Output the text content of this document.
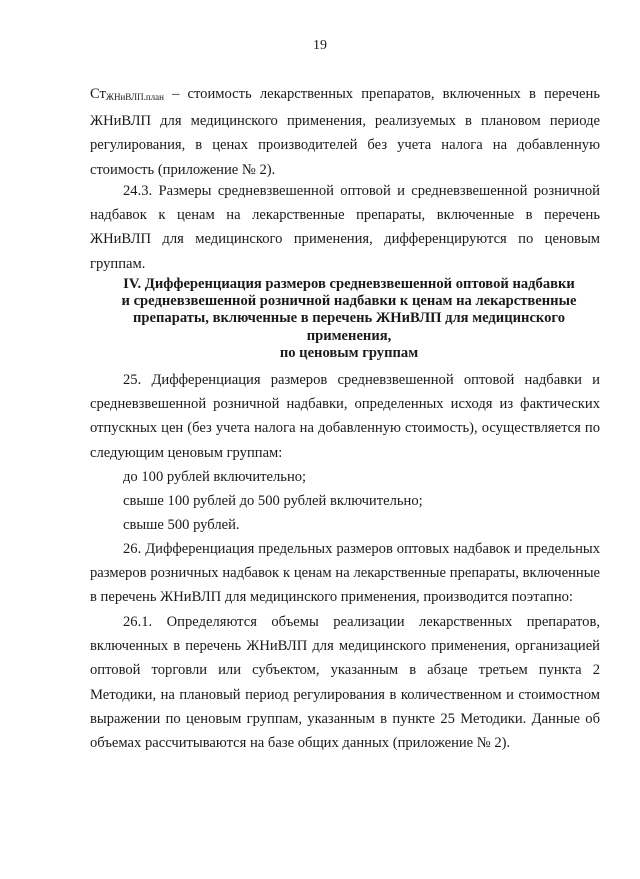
19

$Ст_{ЖНиВЛП.план}$ – стоимость лекарственных препаратов, включенных в перечень ЖНиВЛП для медицинского применения, реализуемых в плановом периоде регулирования, в ценах производителей без учета налога на добавленную стоимость (приложение № 2).

24.3. Размеры средневзвешенной оптовой и средневзвешенной розничной надбавок к ценам на лекарственные препараты, включенные в перечень ЖНиВЛП для медицинского применения, дифференцируются по ценовым группам.

IV. Дифференциация размеров средневзвешенной оптовой надбавки

и средневзвешенной розничной надбавки к ценам на лекарственные

препараты, включенные в перечень ЖНиВЛП для медицинского применения,

по ценовым группам

25. Дифференциация размеров средневзвешенной оптовой надбавки и средневзвешенной розничной надбавки, определенных исходя из фактических отпускных цен (без учета налога на добавленную стоимость), осуществляется по следующим ценовым группам:

до 100 рублей включительно;

свыше 100 рублей до 500 рублей включительно;

свыше 500 рублей.

26. Дифференциация предельных размеров оптовых надбавок и предельных размеров розничных надбавок к ценам на лекарственные препараты, включенные в перечень ЖНиВЛП для медицинского применения, производится поэтапно:

26.1. Определяются объемы реализации лекарственных препаратов, включенных в перечень ЖНиВЛП для медицинского применения, организацией оптовой торговли или субъектом, указанным в абзаце третьем пункта 2 Методики, на плановый период регулирования в количественном и стоимостном выражении по ценовым группам, указанным в пункте 25 Методики. Данные об объемах рассчитываются на базе общих данных (приложение № 2).
